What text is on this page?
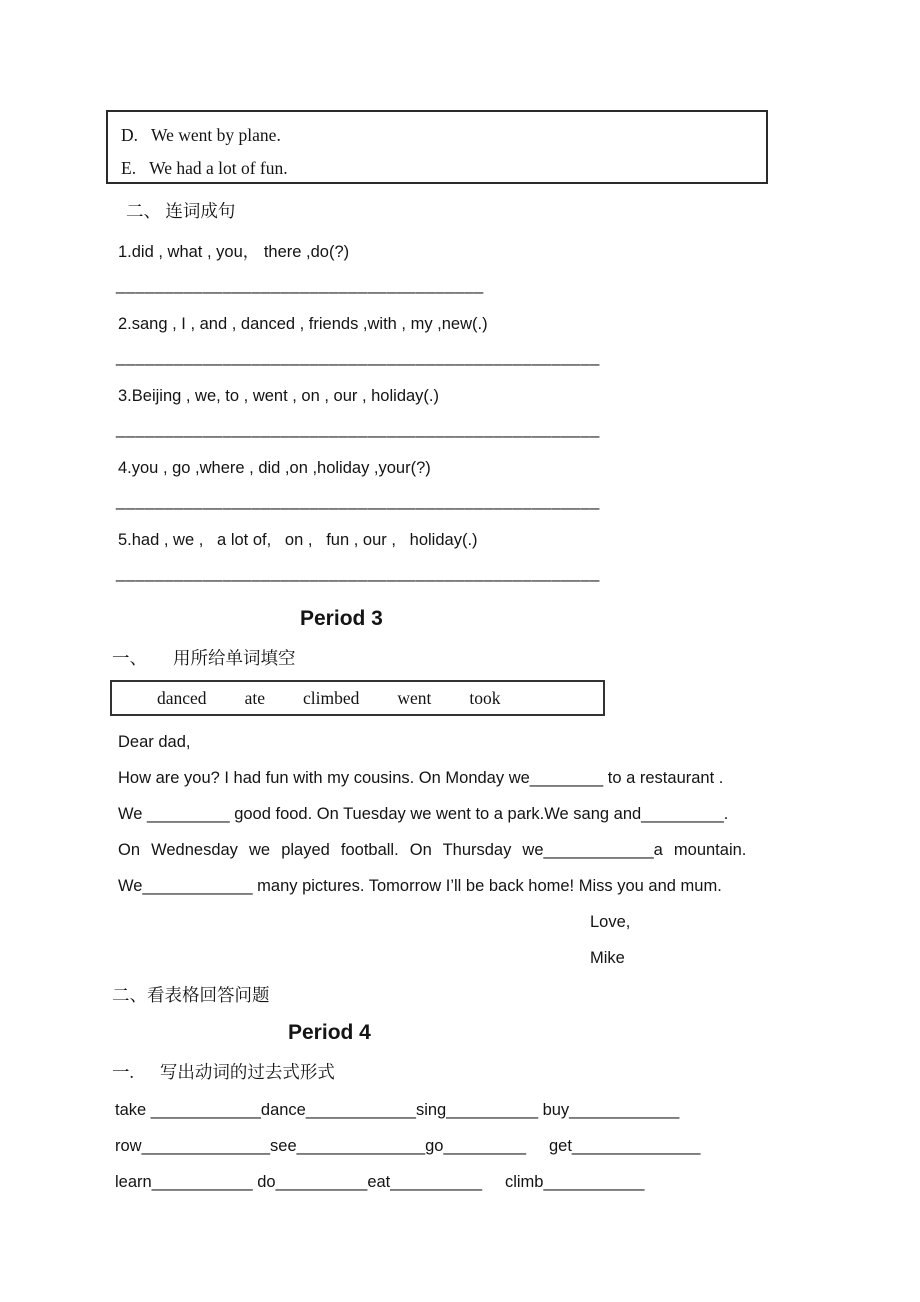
D. We went by plane.
E. We had a lot of fun.
二、 连词成句
1.did , what , you， there ,do(?)
______________________________________
2.sang , I , and , danced , friends ,with , my ,new(.)
__________________________________________________
3.Beijing , we, to , went , on , our , holiday(.)
__________________________________________________
4.you , go ,where , did ,on ,holiday ,your(?)
__________________________________________________
5.had , we ,   a lot of,   on ,   fun , our ,   holiday(.)
__________________________________________________
Period 3
一、 用所给单词填空
danced ate climbed went took

Dear dad,

How are you? I had fun with my cousins. On Monday we________ to a restaurant .

We _________ good food. On Tuesday we went to a park.We sang and_________.

On Wednesday we played football. On Thursday we____________a mountain.

We____________ many pictures. Tomorrow I’ll be back home! Miss you and mum.

Love,

Mike

二、看表格回答问题
Period 4
一. 写出动词的过去式形式
take ____________dance____________sing__________ buy____________
row______________see______________go_________     get______________
learn___________ do__________eat__________     climb___________
